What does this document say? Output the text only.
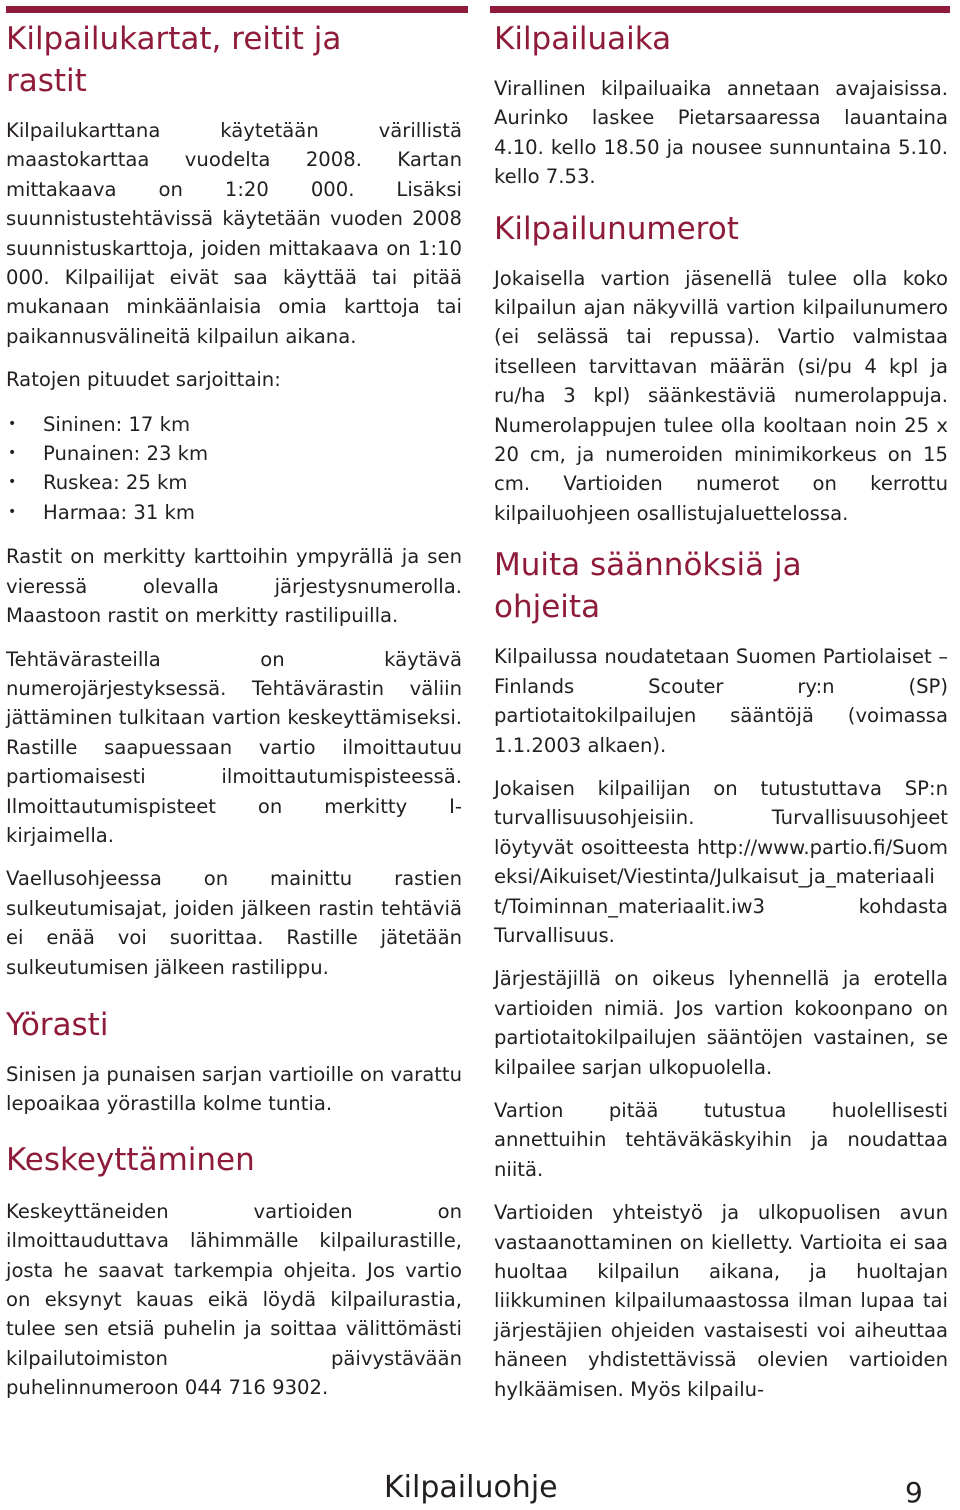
Kilpailukartat, reitit ja rastit

Kilpailukarttana käytetään värillistä maastokarttaa vuodelta 2008. Kartan mittakaava on 1:20 000. Lisäksi suunnistustehtävissä käytetään vuoden 2008 suunnistuskarttoja, joiden mittakaava on 1:10 000. Kilpailijat eivät saa käyttää tai pitää mukanaan minkäänlaisia omia karttoja tai paikannusvälineitä kilpailun aikana.

Ratojen pituudet sarjoittain:

• Sininen: 17 km
• Punainen: 23 km
• Ruskea: 25 km
• Harmaa: 31 km

Rastit on merkitty karttoihin ympyrällä ja sen vieressä olevalla järjestysnumerolla. Maastoon rastit on merkitty rastilipuilla.

Tehtävärasteilla on käytävä numerojärjestyksessä. Tehtävärastin väliin jättäminen tulkitaan vartion keskeyttämiseksi. Rastille saapuessaan vartio ilmoittautuu partiomaisesti ilmoittautumispisteessä. Ilmoittautumispisteet on merkitty I-kirjaimella.

Vaellusohjeessa on mainittu rastien sulkeutumisajat, joiden jälkeen rastin tehtäviä ei enää voi suorittaa. Rastille jätetään sulkeutumisen jälkeen rastilippu.

Yörasti

Sinisen ja punaisen sarjan vartioille on varattu lepoaikaa yörastilla kolme tuntia.

Keskeyttäminen

Keskeyttäneiden vartioiden on ilmoittauduttava lähimmälle kilpailurastille, josta he saavat tarkempia ohjeita. Jos vartio on eksynyt kauas eikä löydä kilpailurastia, tulee sen etsiä puhelin ja soittaa välittömästi kilpailutoimiston päivystävään puhelinnumeroon 044 716 9302.

Kilpailuaika

Virallinen kilpailuaika annetaan avajaisissa. Aurinko laskee Pietarsaaressa lauantaina 4.10. kello 18.50 ja nousee sunnuntaina 5.10. kello 7.53.

Kilpailunumerot

Jokaisella vartion jäsenellä tulee olla koko kilpailun ajan näkyvillä vartion kilpailunumero (ei selässä tai repussa). Vartio valmistaa itselleen tarvittavan määrän (si/pu 4 kpl ja ru/ha 3 kpl) säänkestäviä numerolappuja. Numerolappujen tulee olla kooltaan noin 25 x 20 cm, ja numeroiden minimikorkeus on 15 cm. Vartioiden numerot on kerrottu kilpailuohjeen osallistujaluettelossa.

Muita säännöksiä ja ohjeita

Kilpailussa noudatetaan Suomen Partiolaiset – Finlands Scouter ry:n (SP) partiotaitokilpailujen sääntöjä (voimassa 1.1.2003 alkaen).

Jokaisen kilpailijan on tutustuttava SP:n turvallisuusohjeisiin. Turvallisuusohjeet löytyvät osoitteesta http://www.partio.fi/Suomeksi/Aikuiset/Viestinta/Julkaisut_ja_materiaalit/Toiminnan_materiaalit.iw3	kohdasta Turvallisuus.

Järjestäjillä on oikeus lyhennellä ja erotella vartioiden nimiä. Jos vartion kokoonpano on partiotaitokilpailujen sääntöjen vastainen, se kilpailee sarjan ulkopuolella.

Vartion pitää tutustua huolellisesti annettuihin tehtäväkäskyihin ja noudattaa niitä.

Vartioiden yhteistyö ja ulkopuolisen avun vastaanottaminen on kielletty. Vartioita ei saa huoltaa kilpailun aikana, ja huoltajan liikkuminen kilpailumaastossa ilman lupaa tai järjestäjien ohjeiden vastaisesti voi aiheuttaa häneen yhdistettävissä olevien vartioiden hylkäämisen. Myös kilpailu-

Kilpailuohje	9
